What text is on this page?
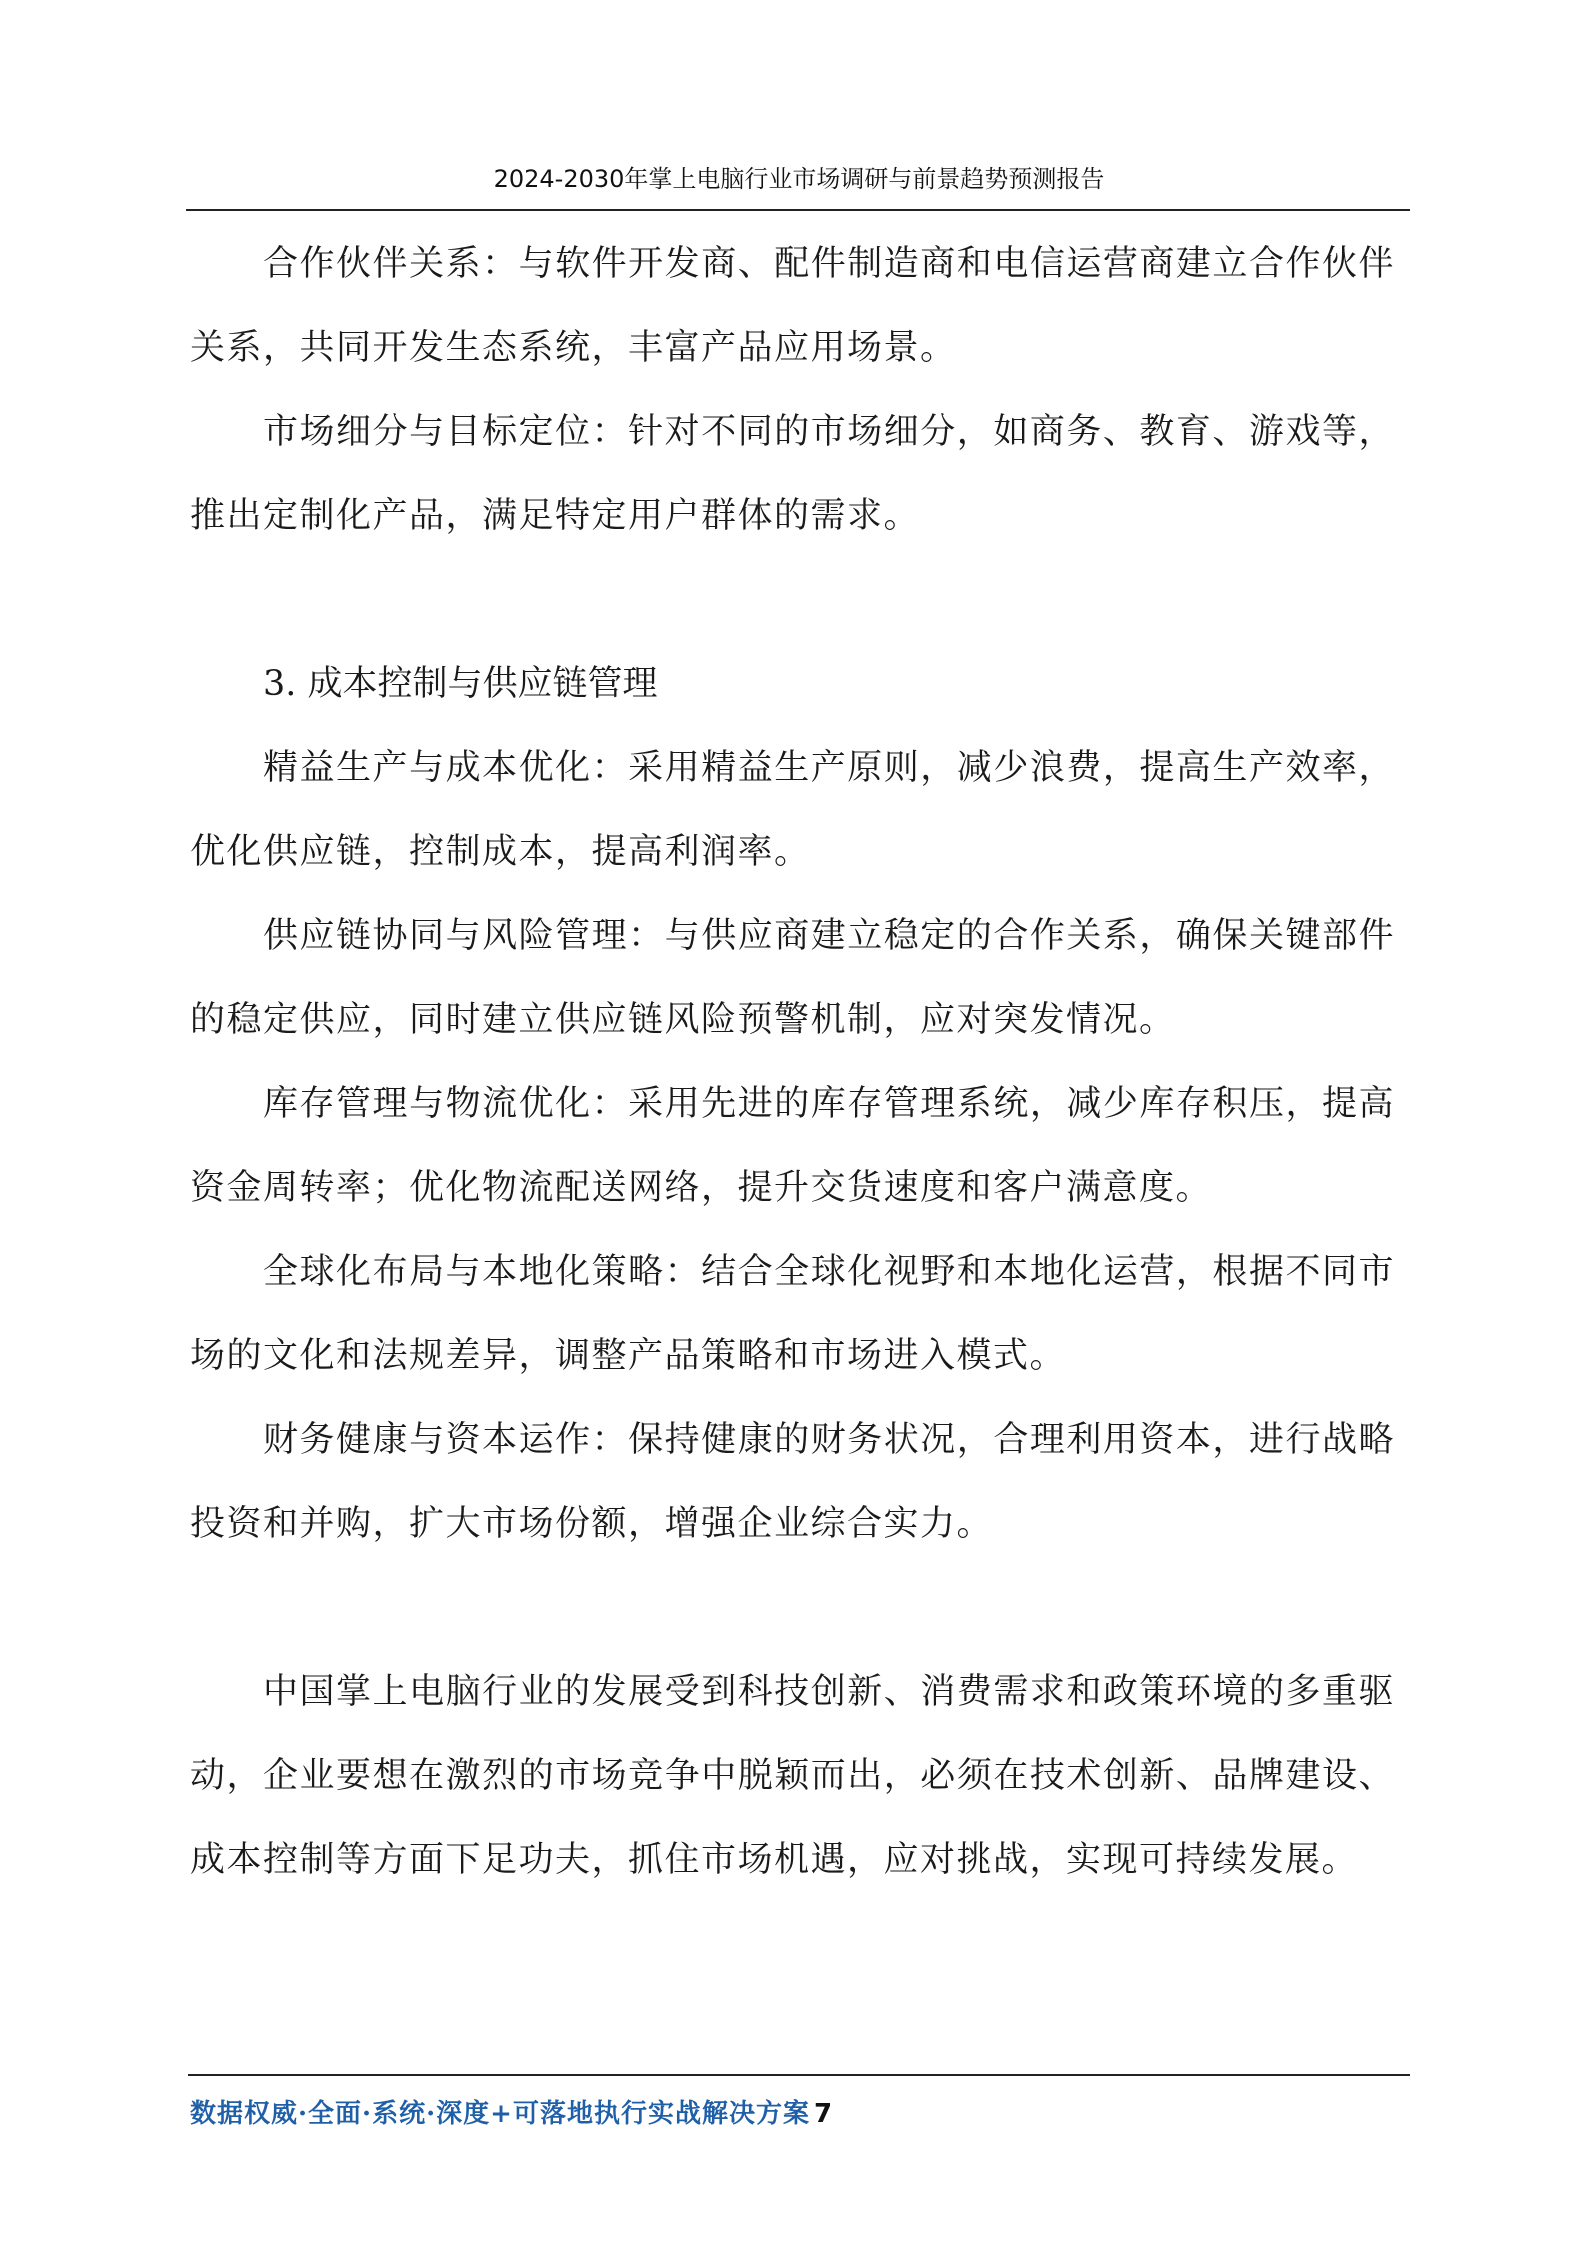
2024-2030年掌上电脑行业市场调研与前景趋势预测报告

合作伙伴关系：与软件开发商、配件制造商和电信运营商建立合作伙伴关系，共同开发生态系统，丰富产品应用场景。

市场细分与目标定位：针对不同的市场细分，如商务、教育、游戏等，推出定制化产品，满足特定用户群体的需求。

3. 成本控制与供应链管理

精益生产与成本优化：采用精益生产原则，减少浪费，提高生产效率，优化供应链，控制成本，提高利润率。

供应链协同与风险管理：与供应商建立稳定的合作关系，确保关键部件的稳定供应，同时建立供应链风险预警机制，应对突发情况。

库存管理与物流优化：采用先进的库存管理系统，减少库存积压，提高资金周转率；优化物流配送网络，提升交货速度和客户满意度。

全球化布局与本地化策略：结合全球化视野和本地化运营，根据不同市场的文化和法规差异，调整产品策略和市场进入模式。

财务健康与资本运作：保持健康的财务状况，合理利用资本，进行战略投资和并购，扩大市场份额，增强企业综合实力。

中国掌上电脑行业的发展受到科技创新、消费需求和政策环境的多重驱动，企业要想在激烈的市场竞争中脱颖而出，必须在技术创新、品牌建设、成本控制等方面下足功夫，抓住市场机遇，应对挑战，实现可持续发展。

数据权威·全面·系统·深度+可落地执行实战解决方案 7
